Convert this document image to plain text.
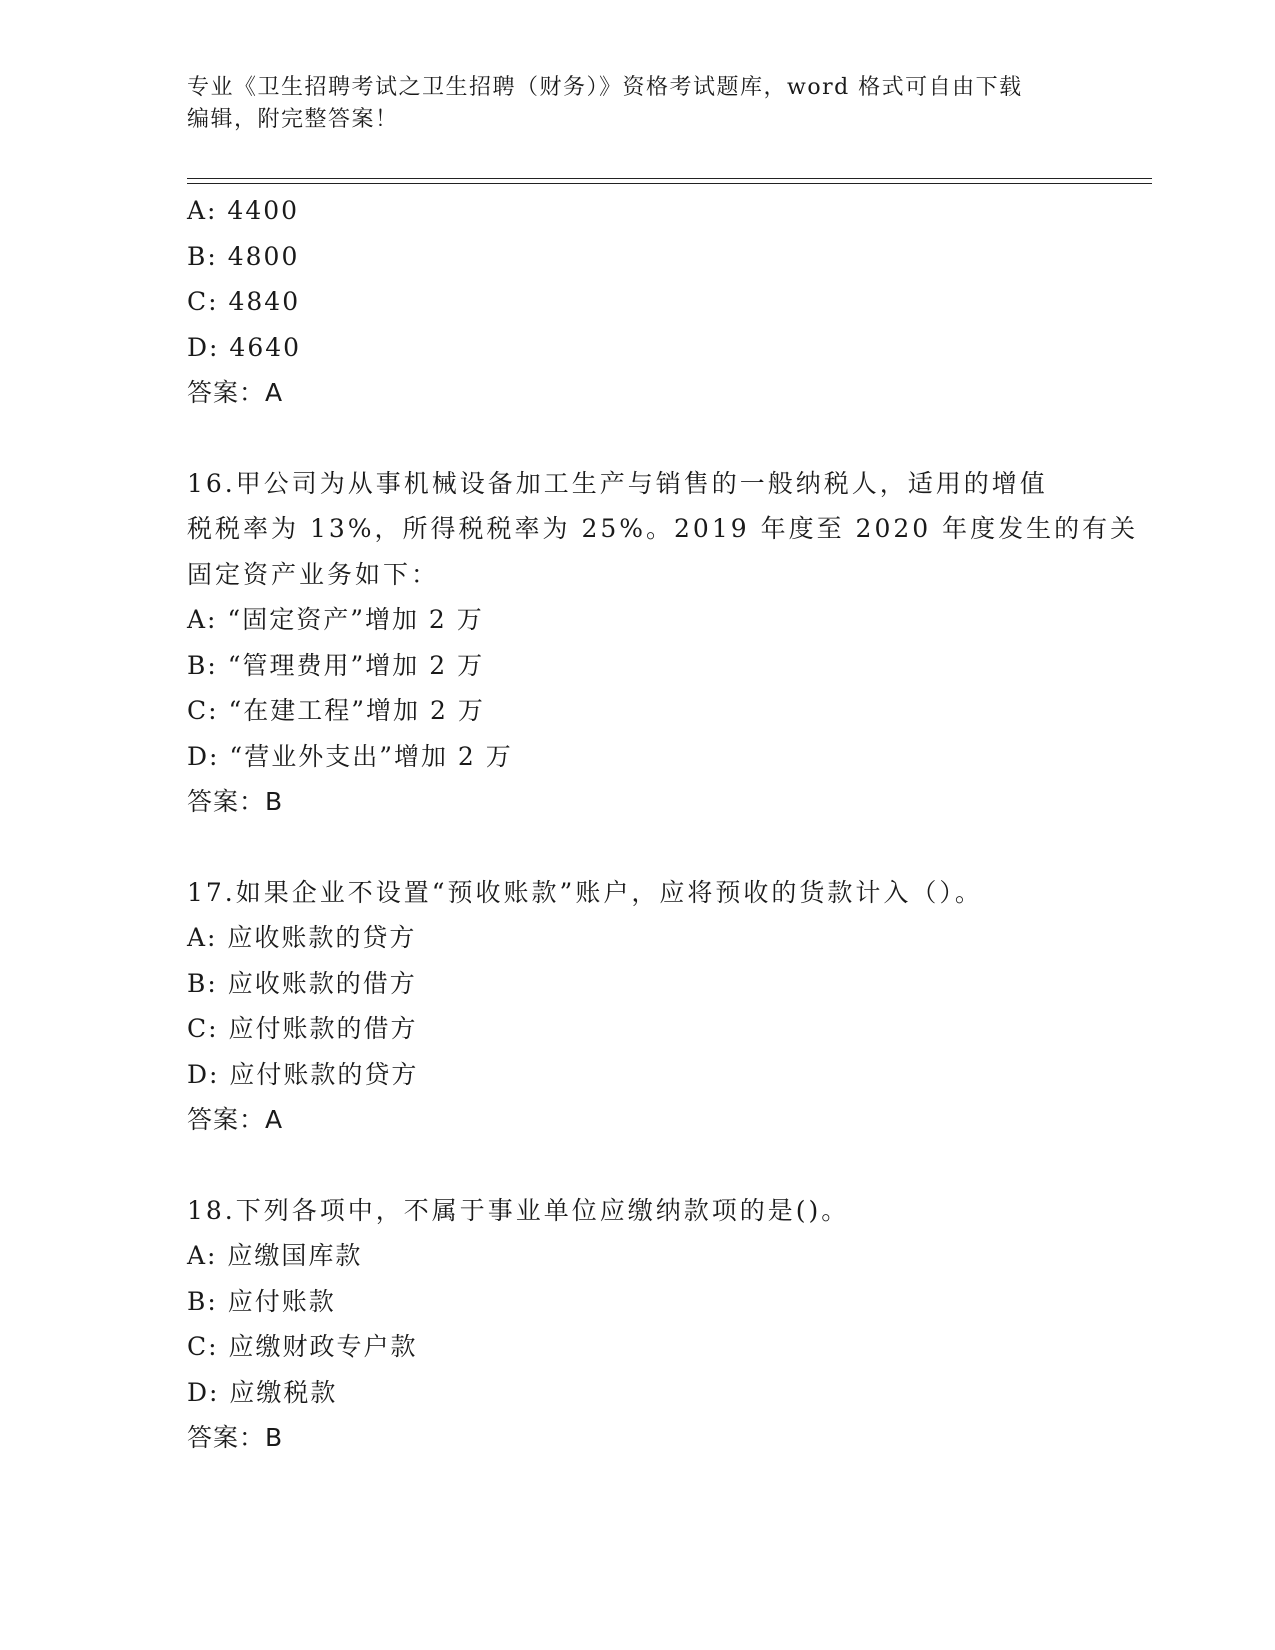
专业《卫生招聘考试之卫生招聘（财务）》资格考试题库，word 格式可自由下载
编辑，附完整答案！
A: 4400
B: 4800
C: 4840
D: 4640
答案：A
16.甲公司为从事机械设备加工生产与销售的一般纳税人，适用的增值
税税率为 13%，所得税税率为 25%。2019 年度至 2020 年度发生的有关
固定资产业务如下：
A: “固定资产”增加 2 万
B: “管理费用”增加 2 万
C: “在建工程”增加 2 万
D: “营业外支出”增加 2 万
答案：B
17.如果企业不设置“预收账款”账户，应将预收的货款计入（）。
A: 应收账款的贷方
B: 应收账款的借方
C: 应付账款的借方
D: 应付账款的贷方
答案：A
18.下列各项中，不属于事业单位应缴纳款项的是()。
A: 应缴国库款
B: 应付账款
C: 应缴财政专户款
D: 应缴税款
答案：B
